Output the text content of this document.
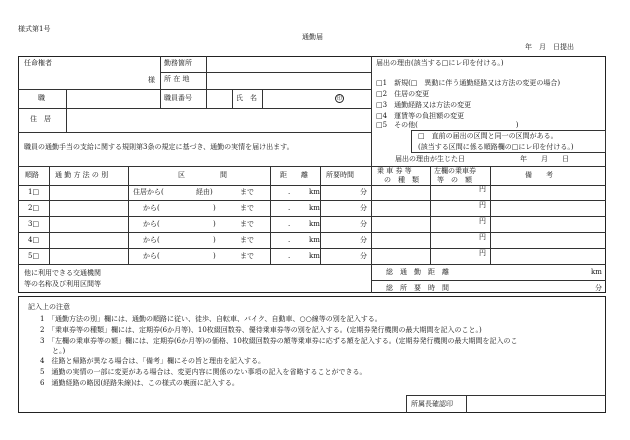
様式第1号
通勤届
年　月　日提出
任命権者
様
勤務箇所
所 在 地
職	職員番号	氏　名	印
住　居
職員の通勤手当の支給に関する規則第3条の規定に基づき、通勤の実情を届け出ます。
届出の理由(該当する□にレ印を付ける。)
□1　新規(□　異動に伴う通勤経路又は方法の変更の場合)
□2　住居の変更
□3　通勤経路又は方法の変更
□4　運賃等の負担額の変更
□5　その他(　　　　　　　　　　　　　　)
□　直前の届出の区間と同一の区間がある。
(該当する区間に係る順路欄の□にレ印を付ける。)
届出の理由が生じた日	年　　月　　日
順路 通 勤 方 法 の 別	区　　　　　間	距　　離	所要時間	乗 車 券 等
の　種　類
左欄の乗車券
等　の　額
備　　考
1□	住居から(	経由)	まで	.	km	分	円
2□	から(	)	まで	.	km	分	円
3□	から(	)	まで	.	km	分	円
4□	から(	)	まで	.	km	分	円
5□	から(	)	まで	.	km	分	円
他に利用できる交通機関
等の名称及び利用区間等
総　通　勤　距　離	km
総　所　要　時　間	分
記入上の注意
1　「通勤方法の別」欄には、通勤の順路に従い、徒歩、自転車、バイク、自動車、○○線等の別を記入する。
2　「乗車券等の種類」欄には、定期券(6か月等)、10枚綴回数券、優待乗車券等の別を記入する。(定期券発行機関の最大期間を記入のこと。)
3　「左欄の乗車券等の額」欄には、定期券(6か月等)の価格、10枚綴回数券の額等乗車券に応ずる額を記入する。(定期券発行機関の最大期間を記入のこ
と。)
4　往路と帰路が異なる場合は、「備考」欄にその旨と理由を記入する。
5　通勤の実情の一部に変更がある場合は、変更内容に関係のない事項の記入を省略することができる。
6　通勤経路の略図(経路朱線)は、この様式の裏面に記入する。
所属長確認印
